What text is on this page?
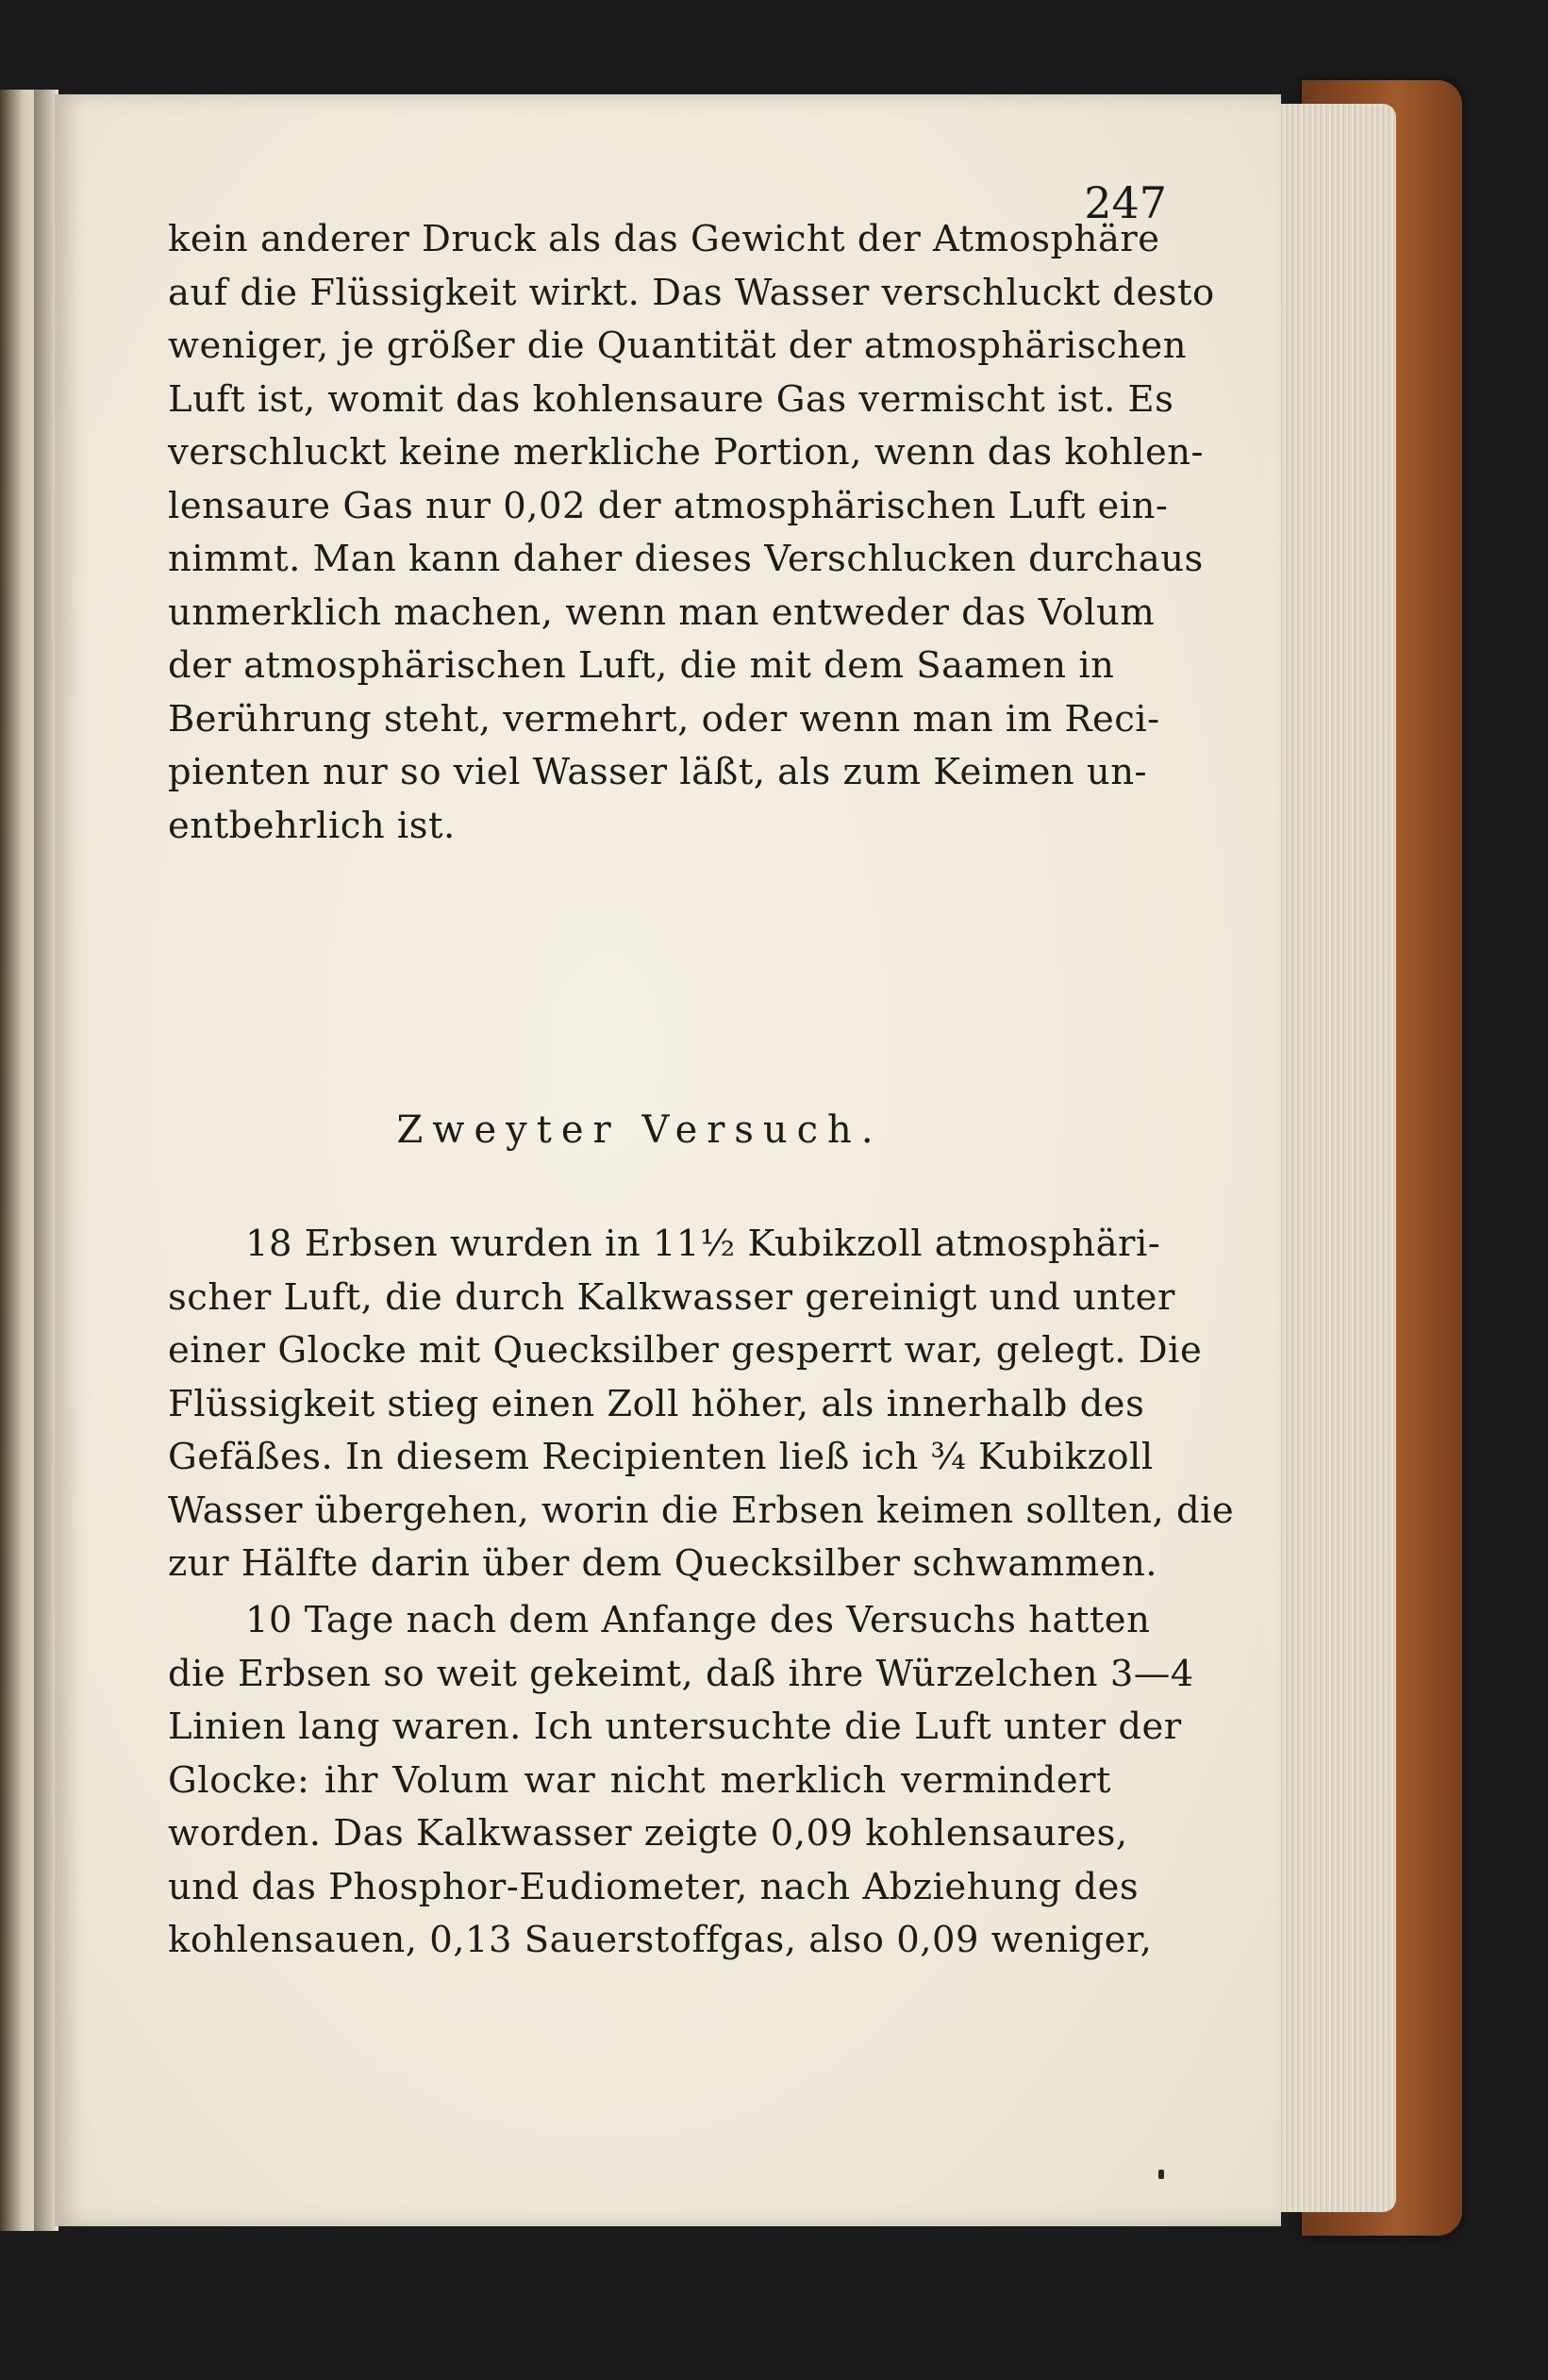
247
kein anderer Druck als das Gewicht der Atmosphäre
auf die Flüssigkeit wirkt. Das Wasser verschluckt desto
weniger, je größer die Quantität der atmosphärischen
Luft ist, womit das kohlensaure Gas vermischt ist. Es
verschluckt keine merkliche Portion, wenn das kohlen-
lensaure Gas nur 0,02 der atmosphärischen Luft ein-
nimmt. Man kann daher dieses Verschlucken durchaus
unmerklich machen, wenn man entweder das Volum
der atmosphärischen Luft, die mit dem Saamen in
Berührung steht, vermehrt, oder wenn man im Reci-
pienten nur so viel Wasser läßt, als zum Keimen un-
entbehrlich ist.
Zweyter Versuch.
18 Erbsen wurden in 11½ Kubikzoll atmosphäri-
scher Luft, die durch Kalkwasser gereinigt und unter
einer Glocke mit Quecksilber gesperrt war, gelegt. Die
Flüssigkeit stieg einen Zoll höher, als innerhalb des
Gefäßes. In diesem Recipienten ließ ich ¾ Kubikzoll
Wasser übergehen, worin die Erbsen keimen sollten, die
zur Hälfte darin über dem Quecksilber schwammen.
10 Tage nach dem Anfange des Versuchs hatten
die Erbsen so weit gekeimt, daß ihre Würzelchen 3—4
Linien lang waren. Ich untersuchte die Luft unter der
Glocke: ihr Volum war nicht merklich vermindert
worden. Das Kalkwasser zeigte 0,09 kohlensaures,
und das Phosphor-Eudiometer, nach Abziehung des
kohlensauen, 0,13 Sauerstoffgas, also 0,09 weniger,
